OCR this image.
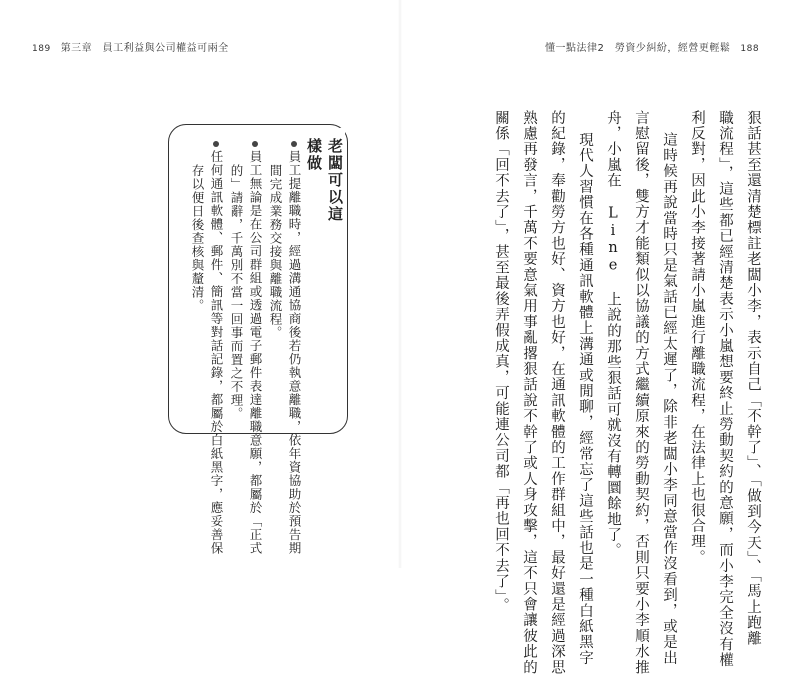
189 第三章　員工利益與公司權益可兩全	懂一點法律2　勞資少糾紛，經營更輕鬆 188
狠話甚至還清楚標註老闆小李，表示自己「不幹了」、「做到今天」、「馬上跑離
職流程」，這些都已經清楚表示小嵐想要終止勞動契約的意願，而小李完全沒有權
利反對，因此小李接著請小嵐進行離職流程，在法律上也很合理。
這時候再說當時只是氣話已經太遲了，除非老闆小李同意當作沒看到，或是出
言慰留後，雙方才能類似以協議的方式繼續原來的勞動契約，否則只要小李順水推
舟，小嵐在 Line 上說的那些狠話可就沒有轉圜餘地了。
現代人習慣在各種通訊軟體上溝通或閒聊，經常忘了這些話也是一種白紙黑字
的紀錄，奉勸勞方也好、資方也好，在通訊軟體的工作群組中，最好還是經過深思
熟慮再發言，千萬不要意氣用事亂撂狠話說不幹了或人身攻擊，這不只會讓彼此的
關係「回不去了」，甚至最後弄假成真，可能連公司都「再也回不去了」。
老闆可以這樣做
員工提離職時，經過溝通協商後若仍執意離職，依年資協助於預告期
間完成業務交接與離職流程。
員工無論是在公司群組或透過電子郵件表達離職意願，都屬於「正式
的」請辭，千萬別不當一回事而置之不理。
任何通訊軟體、郵件、簡訊等對話記錄，都屬於白紙黑字，應妥善保
存以便日後查核與釐清。
